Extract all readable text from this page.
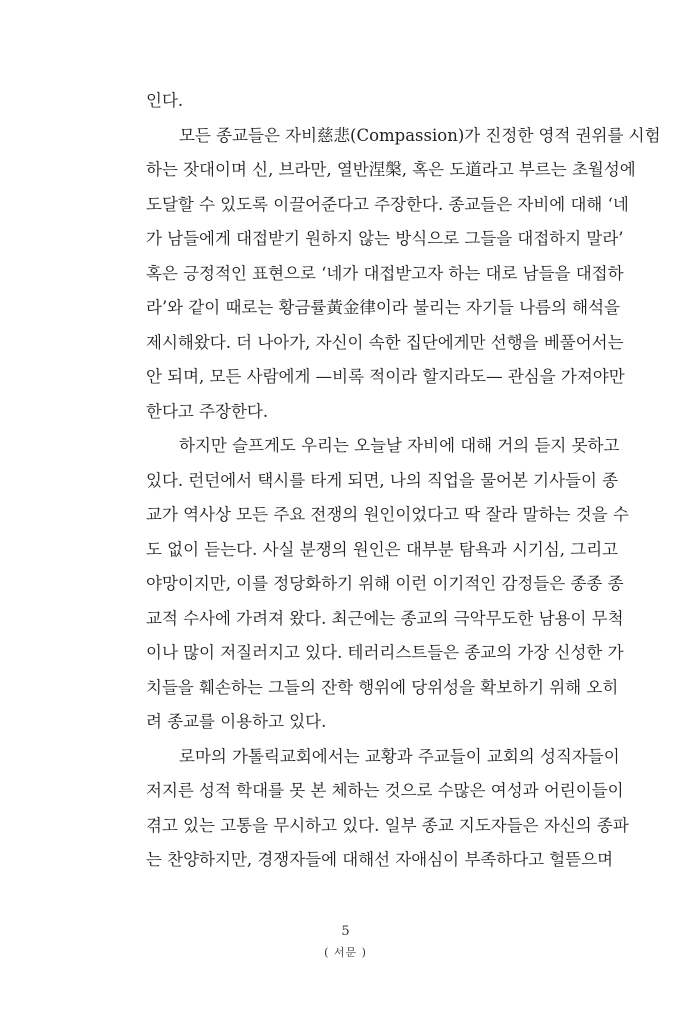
인다.
모든 종교들은 자비慈悲(Compassion)가 진정한 영적 권위를 시험
하는 잣대이며 신, 브라만, 열반涅槃, 혹은 도道라고 부르는 초월성에
도달할 수 있도록 이끌어준다고 주장한다. 종교들은 자비에 대해 ‘네
가 남들에게 대접받기 원하지 않는 방식으로 그들을 대접하지 말라’
혹은 긍정적인 표현으로 ‘네가 대접받고자 하는 대로 남들을 대접하
라’와 같이 때로는 황금률黃金律이라 불리는 자기들 나름의 해석을
제시해왔다. 더 나아가, 자신이 속한 집단에게만 선행을 베풀어서는
안 되며, 모든 사람에게 —비록 적이라 할지라도— 관심을 가져야만
한다고 주장한다.
하지만 슬프게도 우리는 오늘날 자비에 대해 거의 듣지 못하고
있다. 런던에서 택시를 타게 되면, 나의 직업을 물어본 기사들이 종
교가 역사상 모든 주요 전쟁의 원인이었다고 딱 잘라 말하는 것을 수
도 없이 듣는다. 사실 분쟁의 원인은 대부분 탐욕과 시기심, 그리고
야망이지만, 이를 정당화하기 위해 이런 이기적인 감정들은 종종 종
교적 수사에 가려져 왔다. 최근에는 종교의 극악무도한 남용이 무척
이나 많이 저질러지고 있다. 테러리스트들은 종교의 가장 신성한 가
치들을 훼손하는 그들의 잔학 행위에 당위성을 확보하기 위해 오히
려 종교를 이용하고 있다.
로마의 가톨릭교회에서는 교황과 주교들이 교회의 성직자들이
저지른 성적 학대를 못 본 체하는 것으로 수많은 여성과 어린이들이
겪고 있는 고통을 무시하고 있다. 일부 종교 지도자들은 자신의 종파
는 찬양하지만, 경쟁자들에 대해선 자애심이 부족하다고 헐뜯으며
5
( 서문 )
